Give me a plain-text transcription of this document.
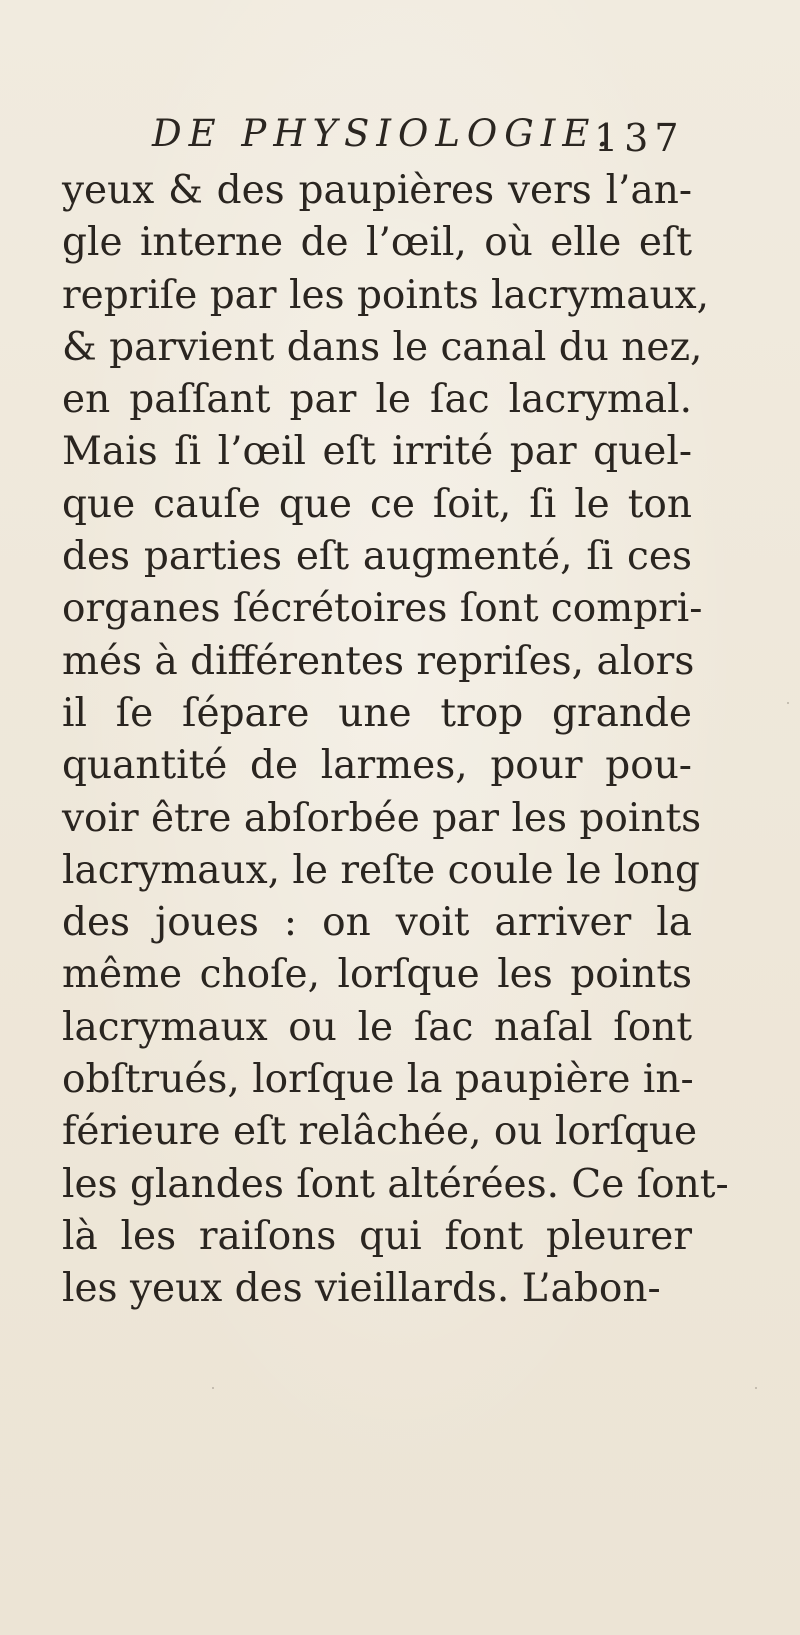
DE PHYSIOLOGIE.
137
yeux & des paupières vers l’an-
gle interne de l’œil, où elle eſt
repriſe par les points lacrymaux,
& parvient dans le canal du nez,
en paſſant par le ſac lacrymal.
Mais ſi l’œil eſt irrité par quel-
que cauſe que ce ſoit, ſi le ton
des parties eſt augmenté, ſi ces
organes ſécrétoires ſont compri-
més à différentes repriſes, alors
il ſe ſépare une trop grande
quantité de larmes, pour pou-
voir être abſorbée par les points
lacrymaux, le reſte coule le long
des joues : on voit arriver la
même choſe, lorſque les points
lacrymaux ou le ſac naſal ſont
obſtrués, lorſque la paupière in-
férieure eſt relâchée, ou lorſque
les glandes ſont altérées. Ce ſont-
là les raiſons qui font pleurer
les yeux des vieillards. L’abon-
